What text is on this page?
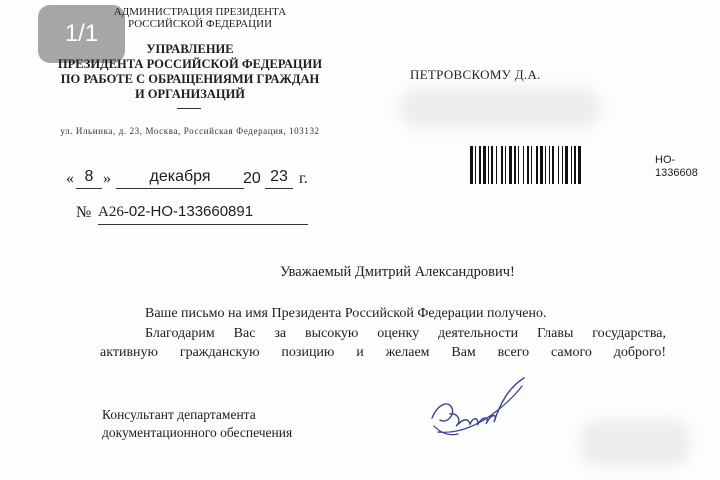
1/1
АДМИНИСТРАЦИЯ ПРЕЗИДЕНТА
РОССИЙСКОЙ ФЕДЕРАЦИИ
УПРАВЛЕНИЕ
ПРЕЗИДЕНТА РОССИЙСКОЙ ФЕДЕРАЦИИ
ПО РАБОТЕ С ОБРАЩЕНИЯМИ ГРАЖДАН
И ОРГАНИЗАЦИЙ
ул. Ильинка, д. 23, Москва, Российская Федерация, 103132
« 8 »	декабря	20 23 г.
№ А26-02-НО-133660891
ПЕТРОВСКОМУ Д.А.
НО-
1336608
Уважаемый Дмитрий Александрович!

Ваше письмо на имя Президента Российской Федерации получено.

Благодарим Вас за высокую оценку деятельности Главы государства,

активную гражданскую позицию и желаем Вам всего самого доброго!

Консультант департамента
документационного обеспечения
